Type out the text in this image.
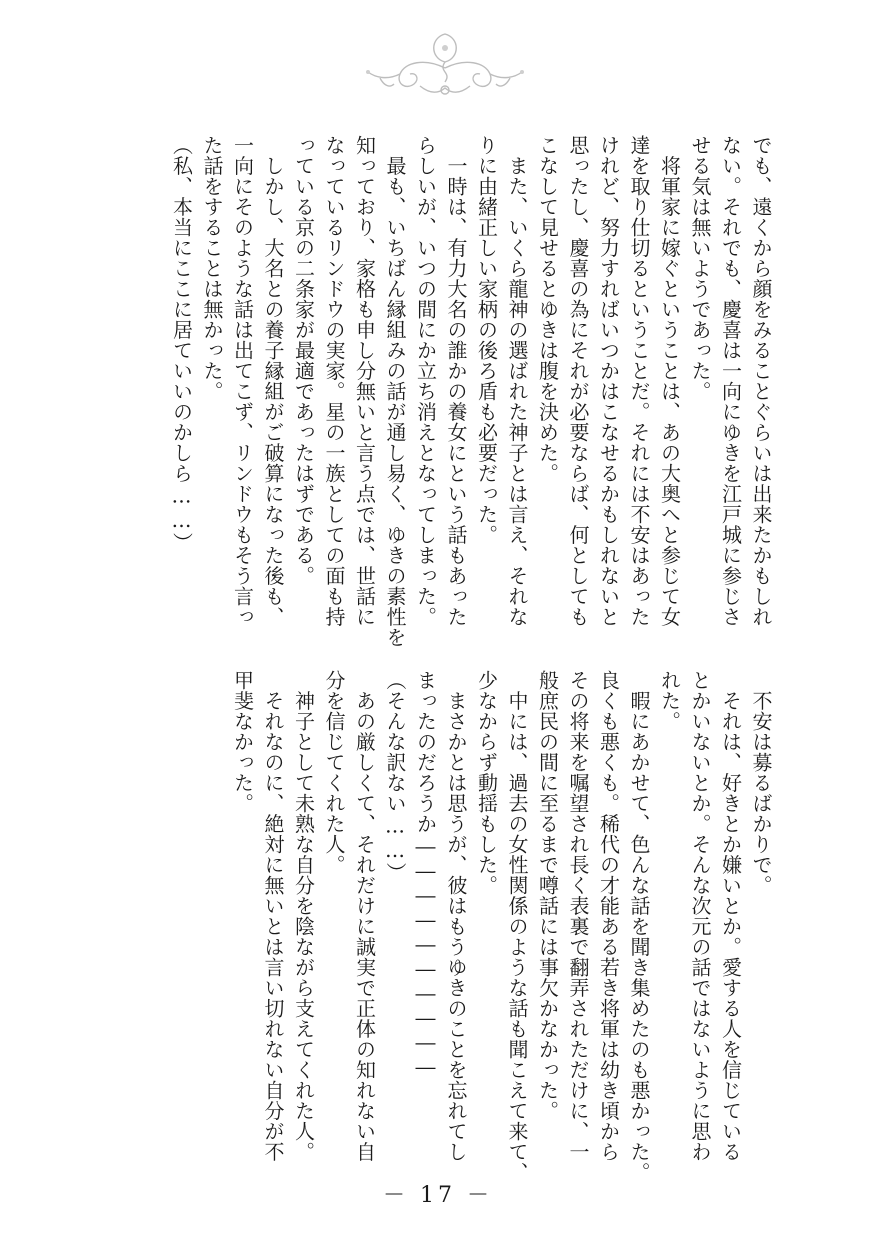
でも、遠くから顔をみることぐらいは出来たかもしれ

ない。それでも、慶喜は一向にゆきを江戸城に参じさ

せる気は無いようであった。

　将軍家に嫁ぐということは、あの大奥へと参じて女

達を取り仕切るということだ。それには不安はあった

けれど、努力すればいつかはこなせるかもしれないと

思ったし、慶喜の為にそれが必要ならば、何としても

こなして見せるとゆきは腹を決めた。

　また、いくら龍神の選ばれた神子とは言え、それな

りに由緒正しい家柄の後ろ盾も必要だった。

　一時は、有力大名の誰かの養女にという話もあった

らしいが、いつの間にか立ち消えとなってしまった。

　最も、いちばん縁組みの話が通し易く、ゆきの素性を

知っており、家格も申し分無いと言う点では、世話に

なっているリンドウの実家。星の一族としての面も持

っている京の二条家が最適であったはずである。

　しかし、大名との養子縁組がご破算になった後も、

一向にそのような話は出てこず、リンドウもそう言っ

た話をすることは無かった。

（私、本当にここに居ていいのかしら……）

　不安は募るばかりで。

　それは、好きとか嫌いとか。愛する人を信じている

とかいないとか。そんな次元の話ではないように思わ

れた。

　暇にあかせて、色んな話を聞き集めたのも悪かった。

良くも悪くも。稀代の才能ある若き将軍は幼き頃から

その将来を嘱望され長く表裏で翻弄されただけに、一

般庶民の間に至るまで噂話には事欠かなかった。

　中には、過去の女性関係のような話も聞こえて来て、

少なからず動揺もした。

　まさかとは思うが、彼はもうゆきのことを忘れてし

まったのだろうか――――――――――

（そんな訳ない……）

　あの厳しくて、それだけに誠実で正体の知れない自

分を信じてくれた人。

　神子として未熟な自分を陰ながら支えてくれた人。

　それなのに、絶対に無いとは言い切れない自分が不

甲斐なかった。

－ 17 －
